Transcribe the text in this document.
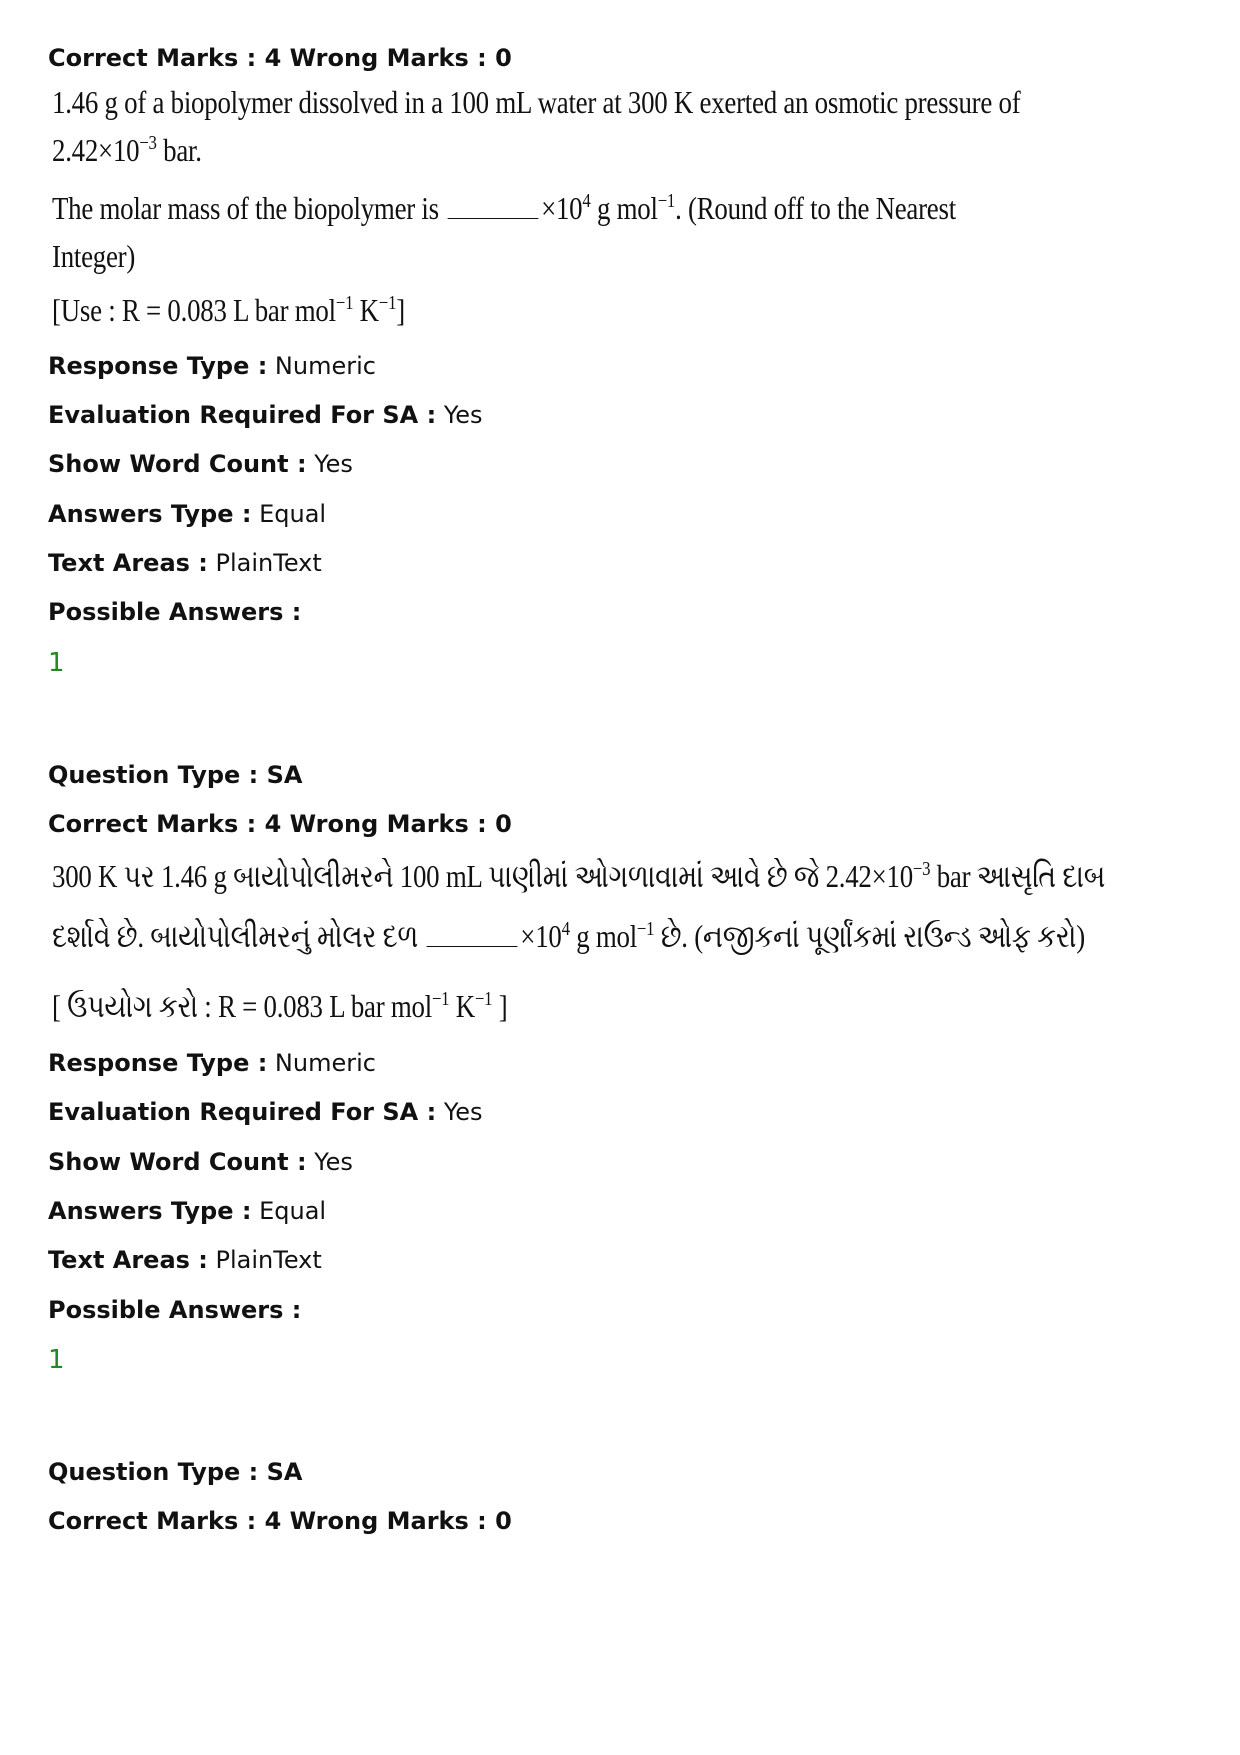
Correct Marks : 4 Wrong Marks : 0
1.46 g of a biopolymer dissolved in a 100 mL water at 300 K exerted an osmotic pressure of
$2.42\times 10^{-3}$ bar.
The molar mass of the biopolymer is	$\times 10^4$ g mol$^{-1}$. (Round off to the Nearest
Integer)
[Use : R = 0.083 L bar mol$^{-1}$ $K^{-1}$]
Response Type : Numeric
Evaluation Required For SA : Yes
Show Word Count : Yes
Answers Type : Equal
Text Areas : PlainText
Possible Answers :
1
Question Type : SA
Correct Marks : 4 Wrong Marks : 0
300 K પર 1.46 g બાયોપોલીમરને 100 mL પાણીમાં ઓગળાવામાં આવે છે જે $2.42\times 10^{-3}$ bar આસૃતિ દાબ
દર્શાવે છે. બાયોપોલીમરનું મોલર દળ	$\times 10^4$ g mol$^{-1}$ છે. (નજીકનાં પૂર્ણાંકમાં રાઉન્ડ ઓફ કરો)
[ ઉપયોગ કરો : R = 0.083 L bar mol$^{-1}$ $K^{-1}$ ]
Response Type : Numeric
Evaluation Required For SA : Yes
Show Word Count : Yes
Answers Type : Equal
Text Areas : PlainText
Possible Answers :
1
Question Type : SA
Correct Marks : 4 Wrong Marks : 0
